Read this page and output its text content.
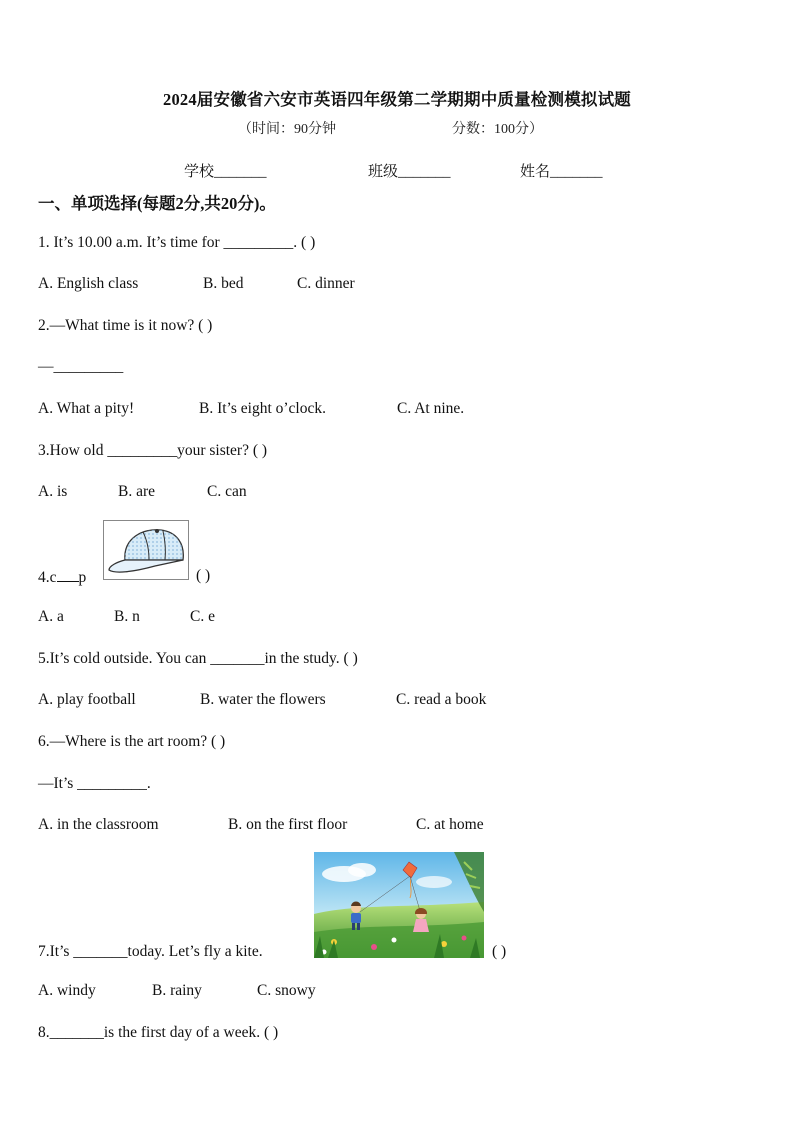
2024届安徽省六安市英语四年级第二学期期中质量检测模拟试题
（时间：90分钟	分数：100分）
学校_______	班级_______	姓名_______
一、单项选择(每题2分,共20分)。
1. It’s 10.00 a.m. It’s time for _________. ( )
A. English class	B. bed	C. dinner
2.—What time is it now? ( )
—_________
A. What a pity!	B. It’s eight o’clock.	C. At nine.
3.How old _________your sister? ( )
A. is	B. are	C. can
4.c p	( )
A. a	B. n	C. e
5.It’s cold outside. You can _______in the study. ( )
A. play football	B. water the flowers	C. read a book
6.—Where is the art room? ( )
—It’s _________.
A. in the classroom	B. on the first floor	C. at home
7.It’s _______today. Let’s fly a kite.	( )
A. windy	B. rainy	C. snowy
8._______is the first day of a week. ( )
